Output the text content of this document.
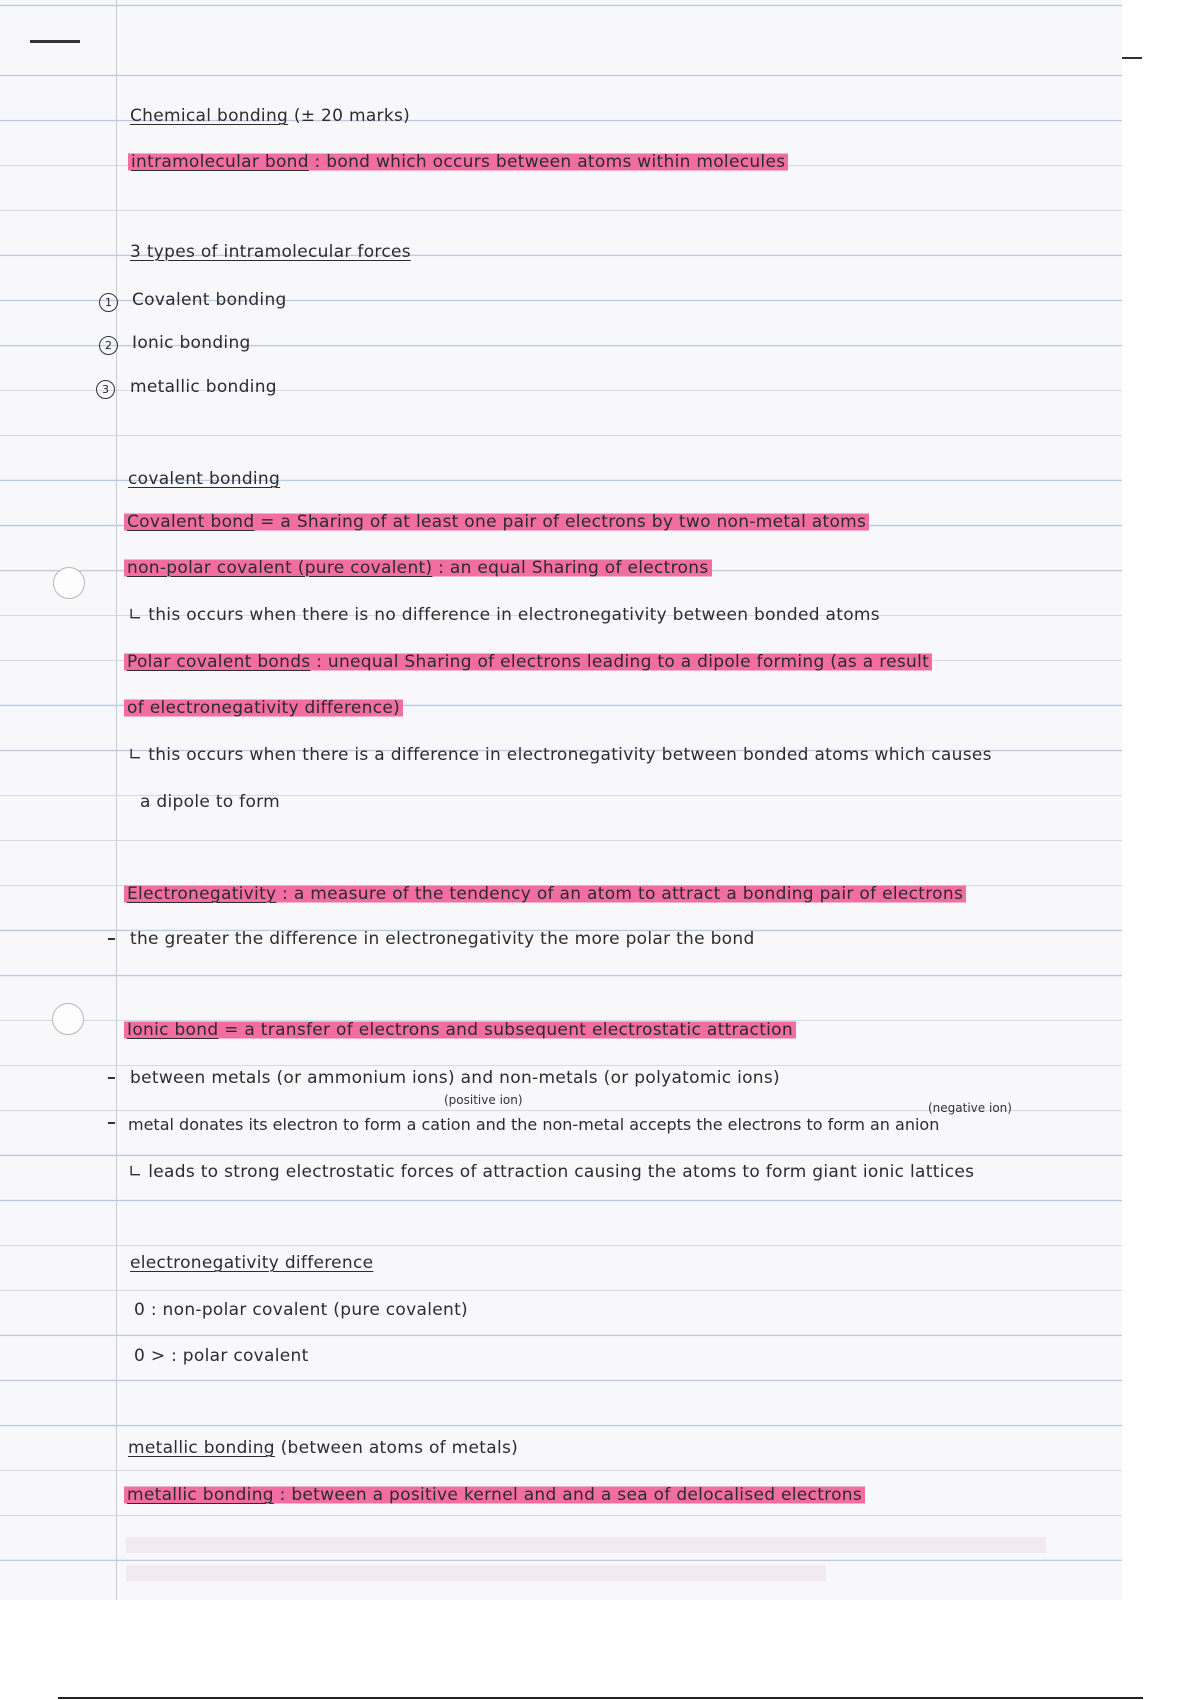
Chemical bonding (± 20 marks)

intramolecular bond : bond which occurs between atoms within molecules

3 types of intramolecular forces

1	Covalent bonding

2	Ionic bonding

3	metallic bonding

covalent bonding

Covalent bond = a Sharing of at least one pair of electrons by two non-metal atoms

non-polar covalent (pure covalent) : an equal Sharing of electrons

∟ this occurs when there is no difference in electronegativity between bonded atoms

Polar covalent bonds : unequal Sharing of electrons leading to a dipole forming (as a result

of electronegativity difference)

∟ this occurs when there is a difference in electronegativity between bonded atoms which causes

a dipole to form

Electronegativity : a measure of the tendency of an atom to attract a bonding pair of electrons

the greater the difference in electronegativity the more polar the bond

Ionic bond = a transfer of electrons and subsequent electrostatic attraction

between metals (or ammonium ions) and non-metals (or polyatomic ions)

(positive ion)

(negative ion)

metal donates its electron to form a cation and the non-metal accepts the electrons to form an anion

∟ leads to strong electrostatic forces of attraction causing the atoms to form giant ionic lattices

electronegativity difference

0 : non-polar covalent (pure covalent)

0 > : polar covalent

metallic bonding (between atoms of metals)

metallic bonding : between a positive kernel and and a sea of delocalised electrons
